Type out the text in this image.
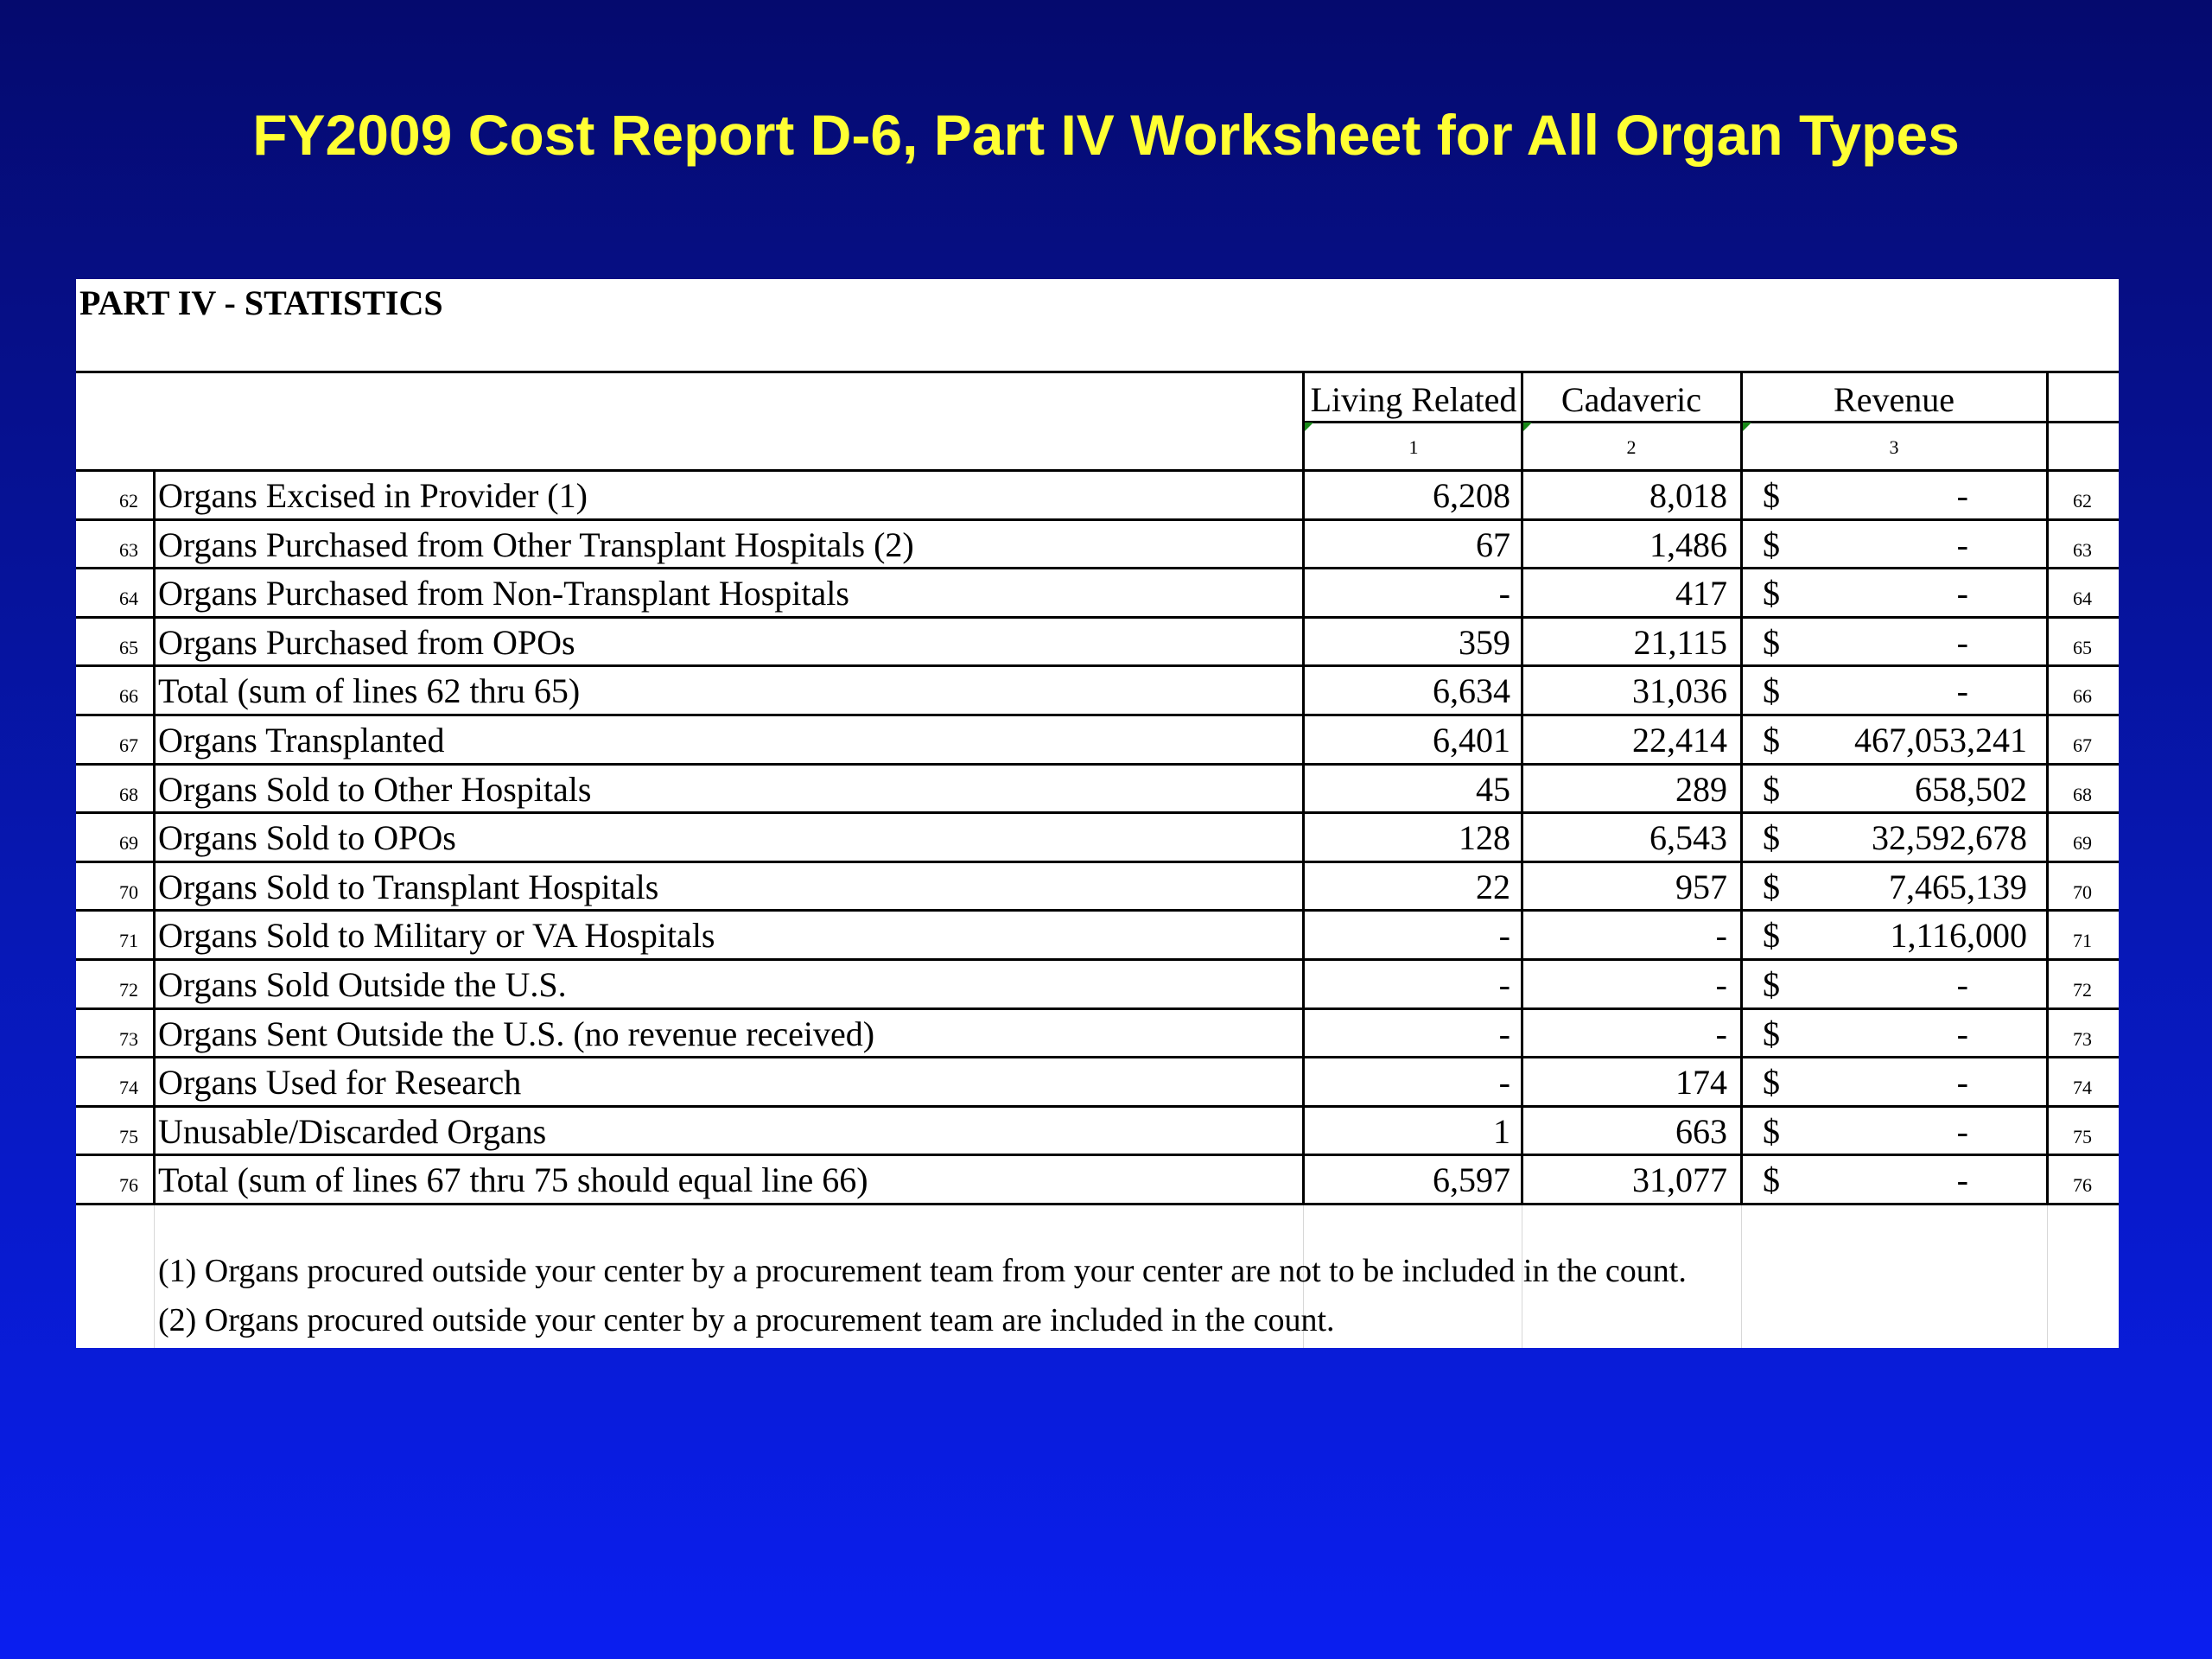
FY2009 Cost Report D-6, Part IV Worksheet for All Organ Types
PART IV - STATISTICS
Living Related	Cadaveric	Revenue
1	2	3
62 Organs Excised in Provider (1)	6,208	8,018 $	-	62
63 Organs Purchased from Other Transplant Hospitals (2)	67	1,486 $	-	63
64 Organs Purchased from Non-Transplant Hospitals	-	417 $	-	64
65 Organs Purchased from OPOs	359	21,115 $	-	65
66 Total (sum of lines 62 thru 65)	6,634	31,036 $	-	66
67 Organs Transplanted	6,401	22,414 $	467,053,241	67
68 Organs Sold to Other Hospitals	45	289 $	658,502	68
69 Organs Sold to OPOs	128	6,543 $	32,592,678	69
70 Organs Sold to Transplant Hospitals	22	957 $	7,465,139	70
71 Organs Sold to Military or VA Hospitals	-	- $	1,116,000	71
72 Organs Sold Outside the U.S.	-	- $	-	72
73 Organs Sent Outside the U.S. (no revenue received)	-	- $	-	73
74 Organs Used for Research	-	174 $	-	74
75 Unusable/Discarded Organs	1	663 $	-	75
76 Total (sum of lines 67 thru 75 should equal line 66)	6,597	31,077 $	-	76
(1) Organs procured outside your center by a procurement team from your center are not to be included in the count.
(2) Organs procured outside your center by a procurement team are included in the count.
